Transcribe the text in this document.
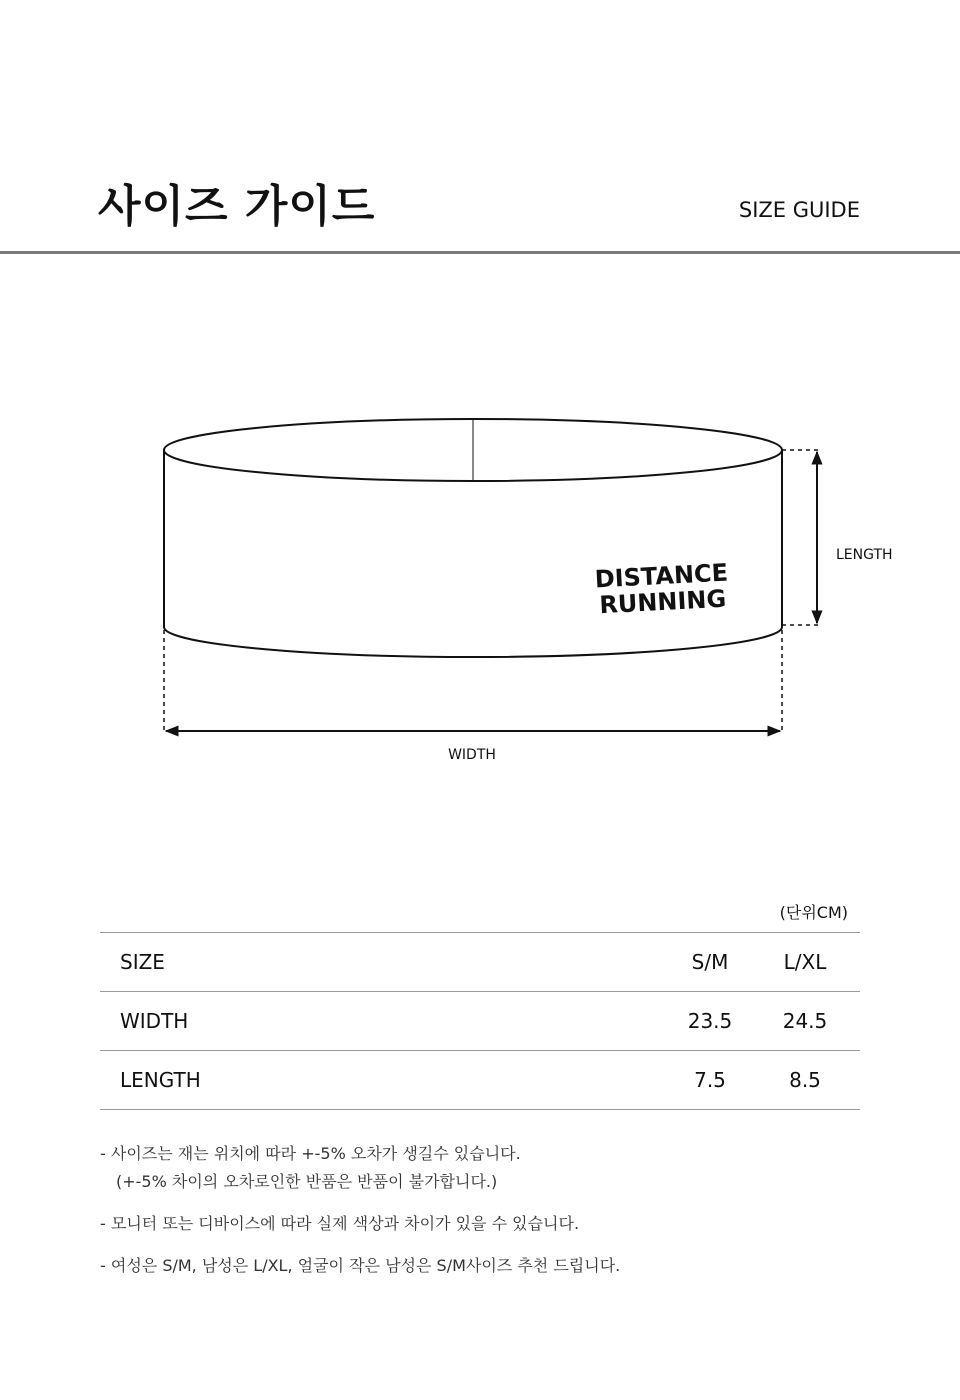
사이즈 가이드	SIZE GUIDE
DISTANCE
RUNNING
LENGTH
WIDTH
(단위CM)
SIZE	S/M	L/XL
WIDTH	23.5	24.5
LENGTH	7.5	8.5
- 사이즈는 재는 위치에 따라 +-5% 오차가 생길수 있습니다.
(+-5% 차이의 오차로인한 반품은 반품이 불가합니다.)
- 모니터 또는 디바이스에 따라 실제 색상과 차이가 있을 수 있습니다.
- 여성은 S/M, 남성은 L/XL, 얼굴이 작은 남성은 S/M사이즈 추천 드립니다.
